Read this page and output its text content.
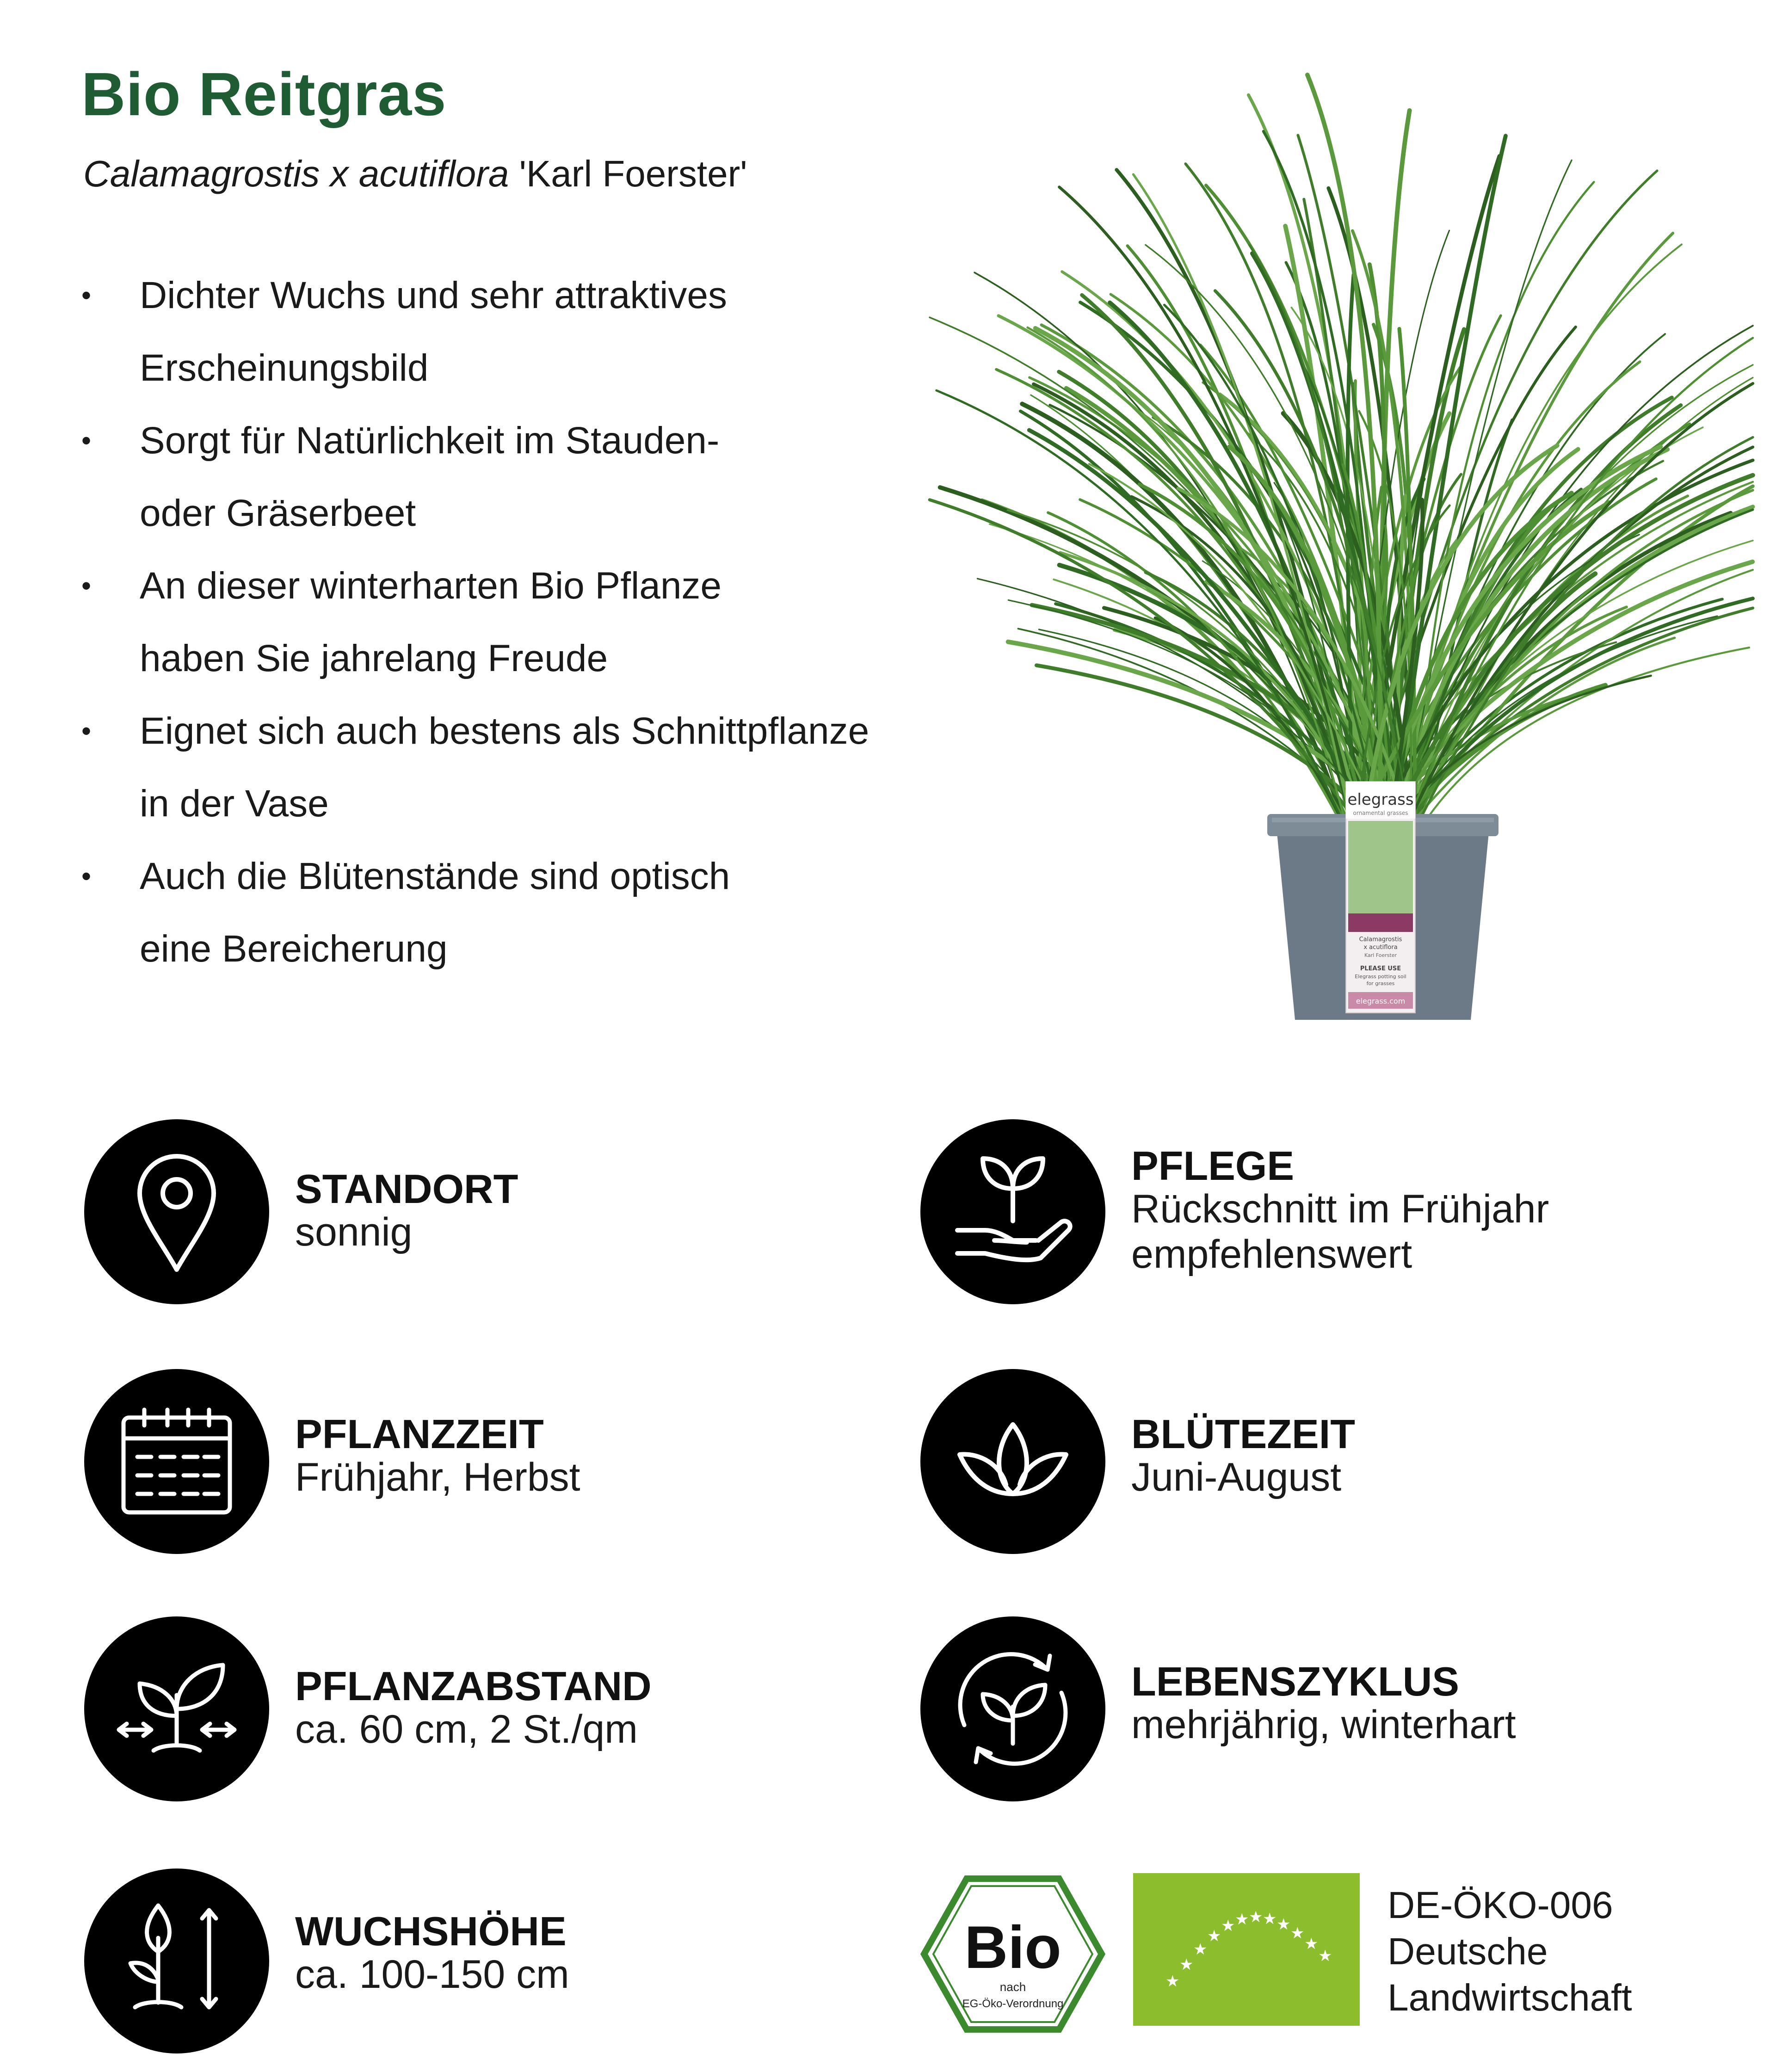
Bio Reitgras
Calamagrostis x acutiflora 'Karl Foerster'
• Dichter Wuchs und sehr attraktives
Erscheinungsbild
• Sorgt für Natürlichkeit im Stauden-
oder Gräserbeet
• An dieser winterharten Bio Pflanze
haben Sie jahrelang Freude
• Eignet sich auch bestens als Schnittpflanze
in der Vase
• Auch die Blütenstände sind optisch
eine Bereicherung
elegrass
ornamental grasses
Calamagrostis
x acutiflora
Karl Foerster
PLEASE USE
Elegrass potting soil
for grasses
elegrass.com
STANDORT
sonnig
PFLEGE
Rückschnitt im Frühjahr
empfehlenswert
PFLANZZEIT
Frühjahr, Herbst
BLÜTEZEIT
Juni-August
PFLANZABSTAND
ca. 60 cm, 2 St./qm
LEBENSZYKLUS
mehrjährig, winterhart
WUCHSHÖHE
ca. 100-150 cm	Bio
nach
EG-Öko-Verordnung
★
★
★
★
★ ★ ★ ★ ★ ★
★
★
DE-ÖKO-006
Deutsche
Landwirtschaft
